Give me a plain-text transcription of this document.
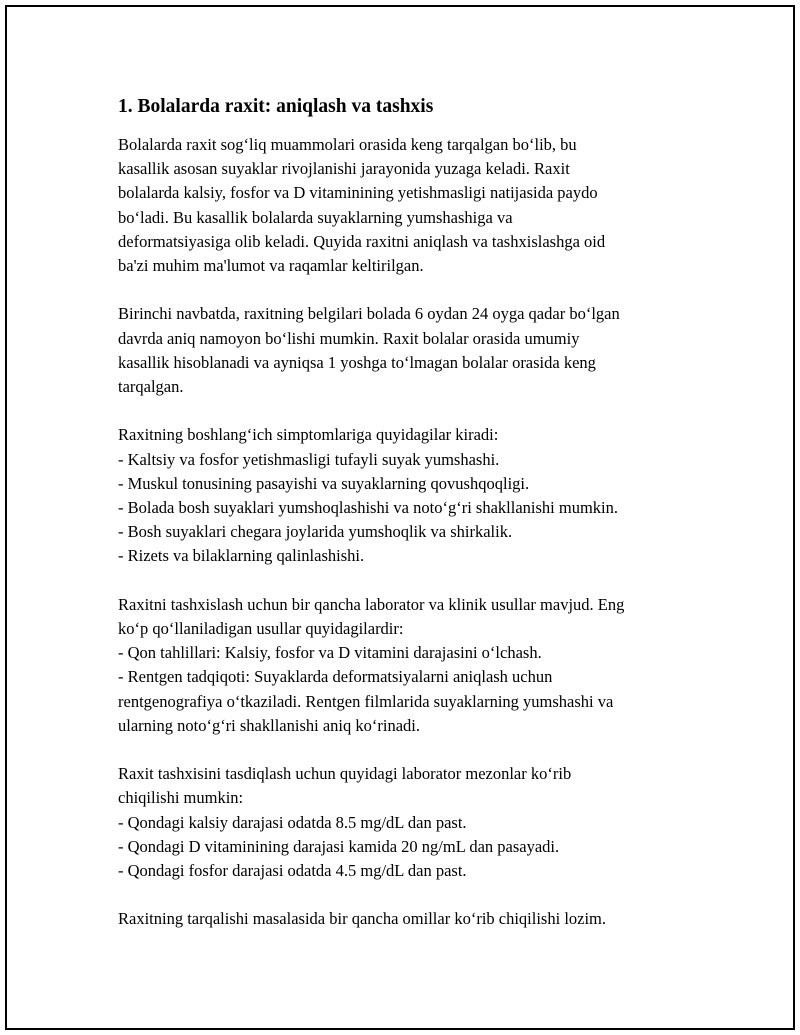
1. Bolalarda raxit: aniqlash va tashxis

Bolalarda raxit sog‘liq muammolari orasida keng tarqalgan bo‘lib, bu
kasallik asosan suyaklar rivojlanishi jarayonida yuzaga keladi. Raxit
bolalarda kalsiy, fosfor va D vitaminining yetishmasligi natijasida paydo
bo‘ladi. Bu kasallik bolalarda suyaklarning yumshashiga va
deformatsiyasiga olib keladi. Quyida raxitni aniqlash va tashxislashga oid
ba'zi muhim ma'lumot va raqamlar keltirilgan.

Birinchi navbatda, raxitning belgilari bolada 6 oydan 24 oyga qadar bo‘lgan
davrda aniq namoyon bo‘lishi mumkin. Raxit bolalar orasida umumiy
kasallik hisoblanadi va ayniqsa 1 yoshga to‘lmagan bolalar orasida keng
tarqalgan.

Raxitning boshlang‘ich simptomlariga quyidagilar kiradi:
- Kaltsiy va fosfor yetishmasligi tufayli suyak yumshashi.
- Muskul tonusining pasayishi va suyaklarning qovushqoqligi.
- Bolada bosh suyaklari yumshoqlashishi va noto‘g‘ri shakllanishi mumkin.
- Bosh suyaklari chegara joylarida yumshoqlik va shirkalik.
- Rizets va bilaklarning qalinlashishi.

Raxitni tashxislash uchun bir qancha laborator va klinik usullar mavjud. Eng
ko‘p qo‘llaniladigan usullar quyidagilardir:
- Qon tahlillari: Kalsiy, fosfor va D vitamini darajasini o‘lchash.
- Rentgen tadqiqoti: Suyaklarda deformatsiyalarni aniqlash uchun
rentgenografiya o‘tkaziladi. Rentgen filmlarida suyaklarning yumshashi va
ularning noto‘g‘ri shakllanishi aniq ko‘rinadi.

Raxit tashxisini tasdiqlash uchun quyidagi laborator mezonlar ko‘rib
chiqilishi mumkin:
- Qondagi kalsiy darajasi odatda 8.5 mg/dL dan past.
- Qondagi D vitaminining darajasi kamida 20 ng/mL dan pasayadi.
- Qondagi fosfor darajasi odatda 4.5 mg/dL dan past.

Raxitning tarqalishi masalasida bir qancha omillar ko‘rib chiqilishi lozim.
